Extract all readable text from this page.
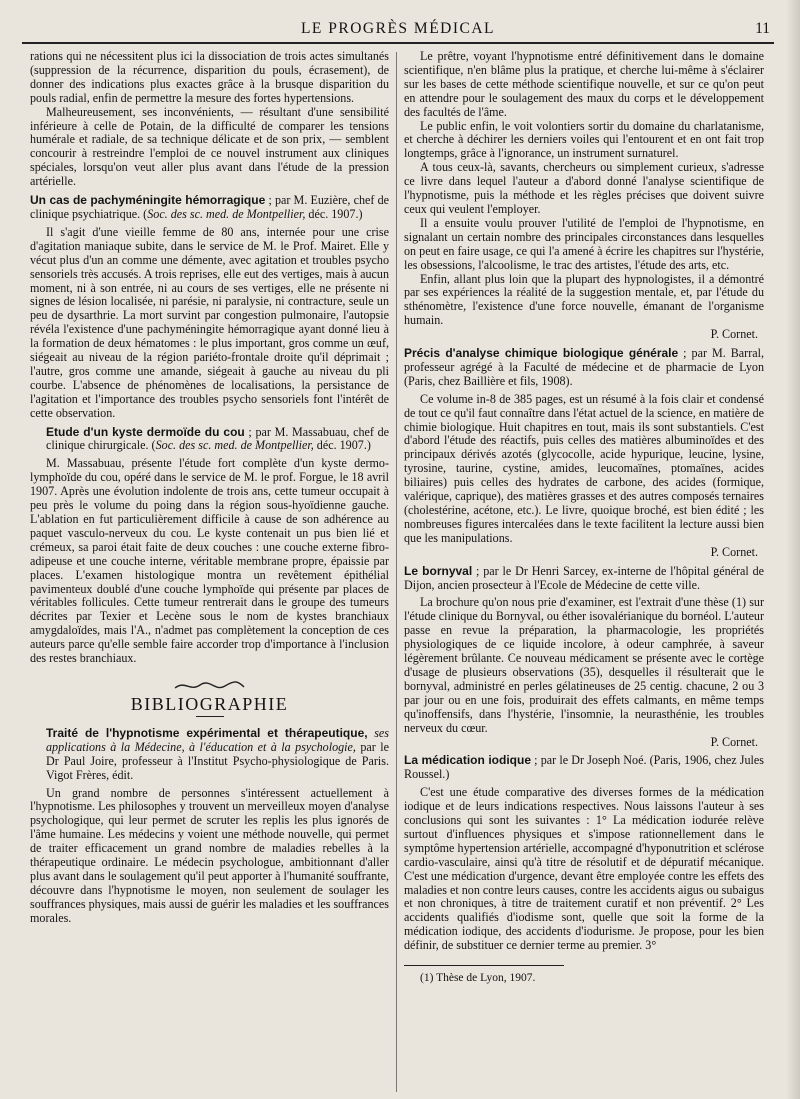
LE PROGRÈS MÉDICAL	11

rations qui ne nécessitent plus ici la dissociation de trois actes simultanés (suppression de la récurrence, disparition du pouls, écrasement), de donner des indications plus exactes grâce à la brusque disparition du pouls radial, enfin de permettre la mesure des fortes hypertensions.

Malheureusement, ses inconvénients, — résultant d'une sensibilité inférieure à celle de Potain, de la difficulté de comparer les tensions humérale et radiale, de sa technique délicate et de son prix, — semblent concourir à restreindre l'emploi de ce nouvel instrument aux cliniques spéciales, lorsqu'on veut aller plus avant dans l'étude de la pression artérielle.

Un cas de pachyméningite hémorragique ; par M. Euzière, chef de clinique psychiatrique. (Soc. des sc. med. de Montpellier, déc. 1907.)

Il s'agit d'une vieille femme de 80 ans, internée pour une crise d'agitation maniaque subite, dans le service de M. le Prof. Mairet. Elle y vécut plus d'un an comme une démente, avec agitation et troubles psycho sensoriels très accusés. A trois reprises, elle eut des vertiges, mais à aucun moment, ni à son entrée, ni au cours de ses vertiges, elle ne présente ni signes de lésion localisée, ni parésie, ni paralysie, ni contracture, seule un peu de dysarthrie. La mort survint par congestion pulmonaire, l'autopsie révéla l'existence d'une pachyméningite hémorragique ayant donné lieu à la formation de deux hématomes : le plus important, gros comme un œuf, siégeait au niveau de la région pariéto-frontale droite qu'il déprimait ; l'autre, gros comme une amande, siégeait à gauche au niveau du pli courbe. L'absence de phénomènes de localisations, la persistance de l'agitation et l'importance des troubles psycho sensoriels font l'intérêt de cette observation.

Etude d'un kyste dermoïde du cou ; par M. Massabuau, chef de clinique chirurgicale. (Soc. des sc. med. de Montpellier, déc. 1907.)

M. Massabuau, présente l'étude fort complète d'un kyste dermo-lymphoïde du cou, opéré dans le service de M. le prof. Forgue, le 18 avril 1907. Après une évolution indolente de trois ans, cette tumeur occupait à peu près le volume du poing dans la région sous-hyoïdienne gauche. L'ablation en fut particulièrement difficile à cause de son adhérence au paquet vasculo-nerveux du cou. Le kyste contenait un pus bien lié et crémeux, sa paroi était faite de deux couches : une couche externe fibro-adipeuse et une couche interne, véritable membrane propre, épaissie par places. L'examen histologique montra un revêtement épithélial pavimenteux doublé d'une couche lymphoïde qui présente par places de véritables follicules. Cette tumeur rentrerait dans le groupe des tumeurs décrites par Texier et Lecène sous le nom de kystes branchiaux amygdaloïdes, mais l'A., n'admet pas complètement la conception de ces auteurs parce qu'elle semble faire accorder trop d'importance à l'inclusion des restes branchiaux.

BIBLIOGRAPHIE

Traité de l'hypnotisme expérimental et thérapeutique, ses applications à la Médecine, à l'éducation et à la psychologie, par le Dr Paul Joire, professeur à l'Institut Psycho-physiologique de Paris. Vigot Frères, édit.

Un grand nombre de personnes s'intéressent actuellement à l'hypnotisme. Les philosophes y trouvent un merveilleux moyen d'analyse psychologique, qui leur permet de scruter les replis les plus ignorés de l'âme humaine. Les médecins y voient une méthode nouvelle, qui permet de traiter efficacement un grand nombre de maladies rebelles à la thérapeutique ordinaire. Le médecin psychologue, ambitionnant d'aller plus avant dans le soulagement qu'il peut apporter à l'humanité souffrante, découvre dans l'hypnotisme le moyen, non seulement de soulager les souffrances physiques, mais aussi de guérir les maladies et les souffrances morales.

Le prêtre, voyant l'hypnotisme entré définitivement dans le domaine scientifique, n'en blâme plus la pratique, et cherche lui-même à s'éclairer sur les bases de cette méthode scientifique nouvelle, et sur ce qu'on peut en attendre pour le soulagement des maux du corps et le développement des facultés de l'âme.

Le public enfin, le voit volontiers sortir du domaine du charlatanisme, et cherche à déchirer les derniers voiles qui l'entourent et en ont fait trop longtemps, grâce à l'ignorance, un instrument surnaturel.

A tous ceux-là, savants, chercheurs ou simplement curieux, s'adresse ce livre dans lequel l'auteur a d'abord donné l'analyse scientifique de l'hypnotisme, puis la méthode et les règles précises que doivent suivre ceux qui veulent l'employer.

Il a ensuite voulu prouver l'utilité de l'emploi de l'hypnotisme, en signalant un certain nombre des principales circonstances dans lesquelles on peut en faire usage, ce qui l'a amené à écrire les chapitres sur l'hystérie, les obsessions, l'alcoolisme, le trac des artistes, l'étude des arts, etc.

Enfin, allant plus loin que la plupart des hypnologistes, il a démontré par ses expériences la réalité de la suggestion mentale, et, par l'étude du sthénomètre, l'existence d'une force nouvelle, émanant de l'organisme humain.

P. Cornet.

Précis d'analyse chimique biologique générale ; par M. Barral, professeur agrégé à la Faculté de médecine et de pharmacie de Lyon (Paris, chez Baillière et fils, 1908).

Ce volume in-8 de 385 pages, est un résumé à la fois clair et condensé de tout ce qu'il faut connaître dans l'état actuel de la science, en matière de chimie biologique. Huit chapitres en tout, mais ils sont substantiels. C'est d'abord l'étude des réactifs, puis celles des matières albuminoïdes et des principaux dérivés azotés (glycocolle, acide hypurique, leucine, lysine, tyrosine, taurine, cystine, amides, leucomaïnes, ptomaïnes, acides biliaires) puis celles des hydrates de carbone, des acides (formique, valérique, caprique), des matières grasses et des autres composés ternaires (cholestérine, acétone, etc.). Le livre, quoique broché, est bien édité ; les nombreuses figures intercalées dans le texte facilitent la lecture aussi bien que les manipulations.

P. Cornet.

Le bornyval ; par le Dr Henri Sarcey, ex-interne de l'hôpital général de Dijon, ancien prosecteur à l'Ecole de Médecine de cette ville.

La brochure qu'on nous prie d'examiner, est l'extrait d'une thèse (1) sur l'étude clinique du Bornyval, ou éther isovalérianique du bornéol. L'auteur passe en revue la préparation, la pharmacologie, les propriétés physiologiques de ce liquide incolore, à odeur camphrée, à saveur légèrement brûlante. Ce nouveau médicament se présente avec le cortège d'usage de plusieurs observations (35), desquelles il résulterait que le bornyval, administré en perles gélatineuses de 25 centig. chacune, 2 ou 3 par jour ou en une fois, produirait des effets calmants, en même temps qu'inoffensifs, dans l'hystérie, l'insomnie, la neurasthénie, les troubles nerveux du cœur.

P. Cornet.

La médication iodique ; par le Dr Joseph Noé. (Paris, 1906, chez Jules Roussel.)

C'est une étude comparative des diverses formes de la médication iodique et de leurs indications respectives. Nous laissons l'auteur à ses conclusions qui sont les suivantes : 1° La médication iodurée relève surtout d'influences physiques et s'impose rationnellement dans le symptôme hypertension artérielle, accompagné d'hyponutrition et sclérose cardio-vasculaire, ainsi qu'à titre de résolutif et de dépuratif mécanique. C'est une médication d'urgence, devant être employée contre les effets des maladies et non contre leurs causes, contre les accidents aigus ou subaigus et non chroniques, à titre de traitement curatif et non préventif. 2° Les accidents qualifiés d'iodisme sont, quelle que soit la forme de la médication iodique, des accidents d'iodurisme. Je propose, pour les bien définir, de substituer ce dernier terme au premier. 3°

(1) Thèse de Lyon, 1907.
